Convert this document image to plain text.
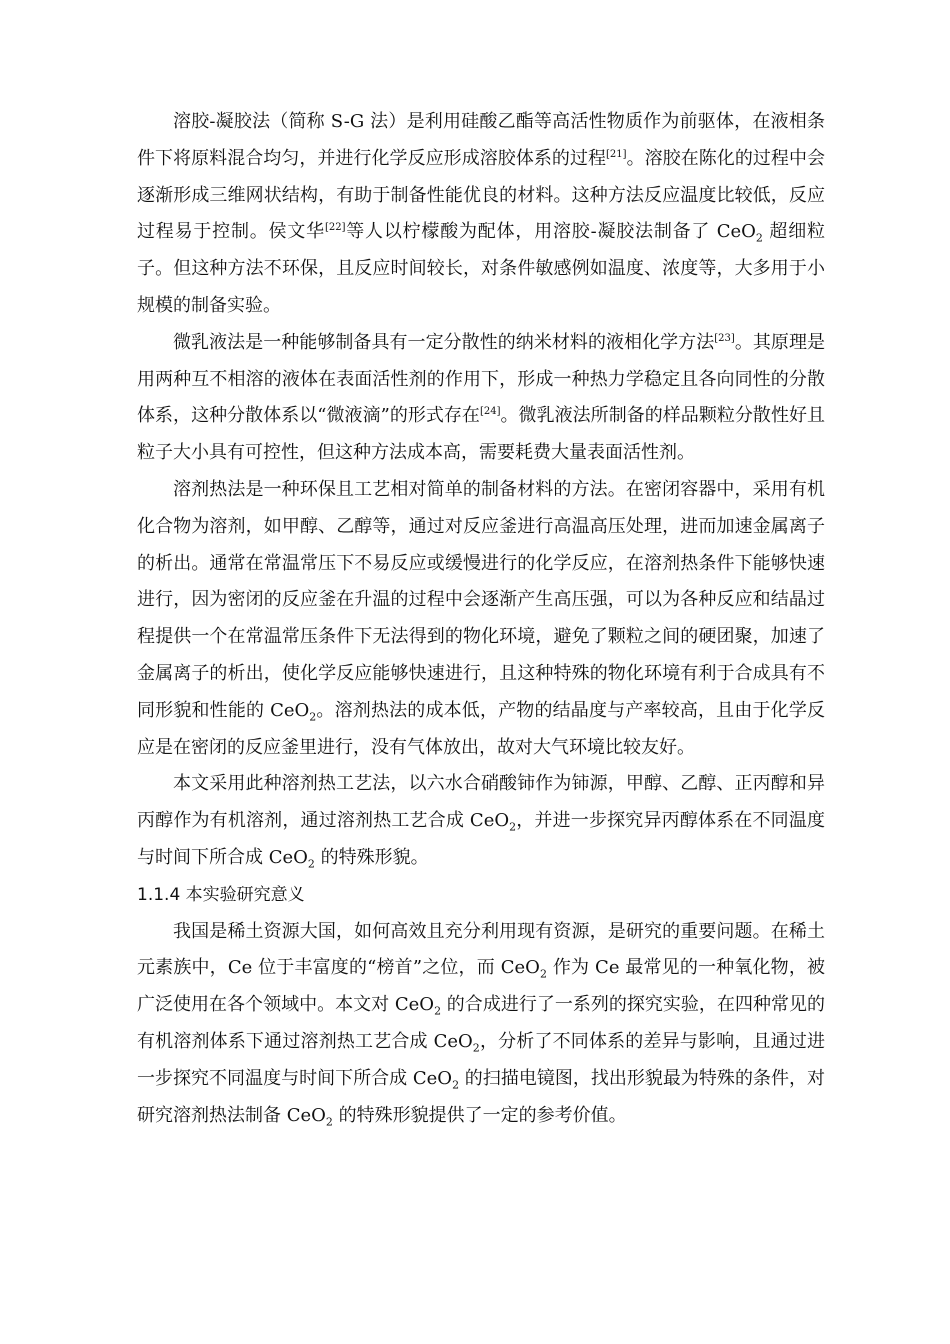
溶胶-凝胶法（简称 S-G 法）是利用硅酸乙酯等高活性物质作为前驱体，在液相条件下将原料混合均匀，并进行化学反应形成溶胶体系的过程[21]。溶胶在陈化的过程中会逐渐形成三维网状结构，有助于制备性能优良的材料。这种方法反应温度比较低，反应过程易于控制。侯文华[22]等人以柠檬酸为配体，用溶胶-凝胶法制备了 CeO$_2$ 超细粒子。但这种方法不环保，且反应时间较长，对条件敏感例如温度、浓度等，大多用于小规模的制备实验。

微乳液法是一种能够制备具有一定分散性的纳米材料的液相化学方法[23]。其原理是用两种互不相溶的液体在表面活性剂的作用下，形成一种热力学稳定且各向同性的分散体系，这种分散体系以“微液滴”的形式存在[24]。微乳液法所制备的样品颗粒分散性好且粒子大小具有可控性，但这种方法成本高，需要耗费大量表面活性剂。

溶剂热法是一种环保且工艺相对简单的制备材料的方法。在密闭容器中，采用有机化合物为溶剂，如甲醇、乙醇等，通过对反应釜进行高温高压处理，进而加速金属离子的析出。通常在常温常压下不易反应或缓慢进行的化学反应，在溶剂热条件下能够快速进行，因为密闭的反应釜在升温的过程中会逐渐产生高压强，可以为各种反应和结晶过程提供一个在常温常压条件下无法得到的物化环境，避免了颗粒之间的硬团聚，加速了金属离子的析出，使化学反应能够快速进行，且这种特殊的物化环境有利于合成具有不同形貌和性能的 CeO$_2$。溶剂热法的成本低，产物的结晶度与产率较高，且由于化学反应是在密闭的反应釜里进行，没有气体放出，故对大气环境比较友好。

本文采用此种溶剂热工艺法，以六水合硝酸铈作为铈源，甲醇、乙醇、正丙醇和异丙醇作为有机溶剂，通过溶剂热工艺合成 CeO$_2$，并进一步探究异丙醇体系在不同温度与时间下所合成 CeO$_2$ 的特殊形貌。

1.1.4 本实验研究意义

我国是稀土资源大国，如何高效且充分利用现有资源，是研究的重要问题。在稀土元素族中，Ce 位于丰富度的“榜首”之位，而 CeO$_2$ 作为 Ce 最常见的一种氧化物，被广泛使用在各个领域中。本文对 CeO$_2$ 的合成进行了一系列的探究实验，在四种常见的有机溶剂体系下通过溶剂热工艺合成 CeO$_2$，分析了不同体系的差异与影响，且通过进一步探究不同温度与时间下所合成 CeO$_2$ 的扫描电镜图，找出形貌最为特殊的条件，对研究溶剂热法制备 CeO$_2$ 的特殊形貌提供了一定的参考价值。
